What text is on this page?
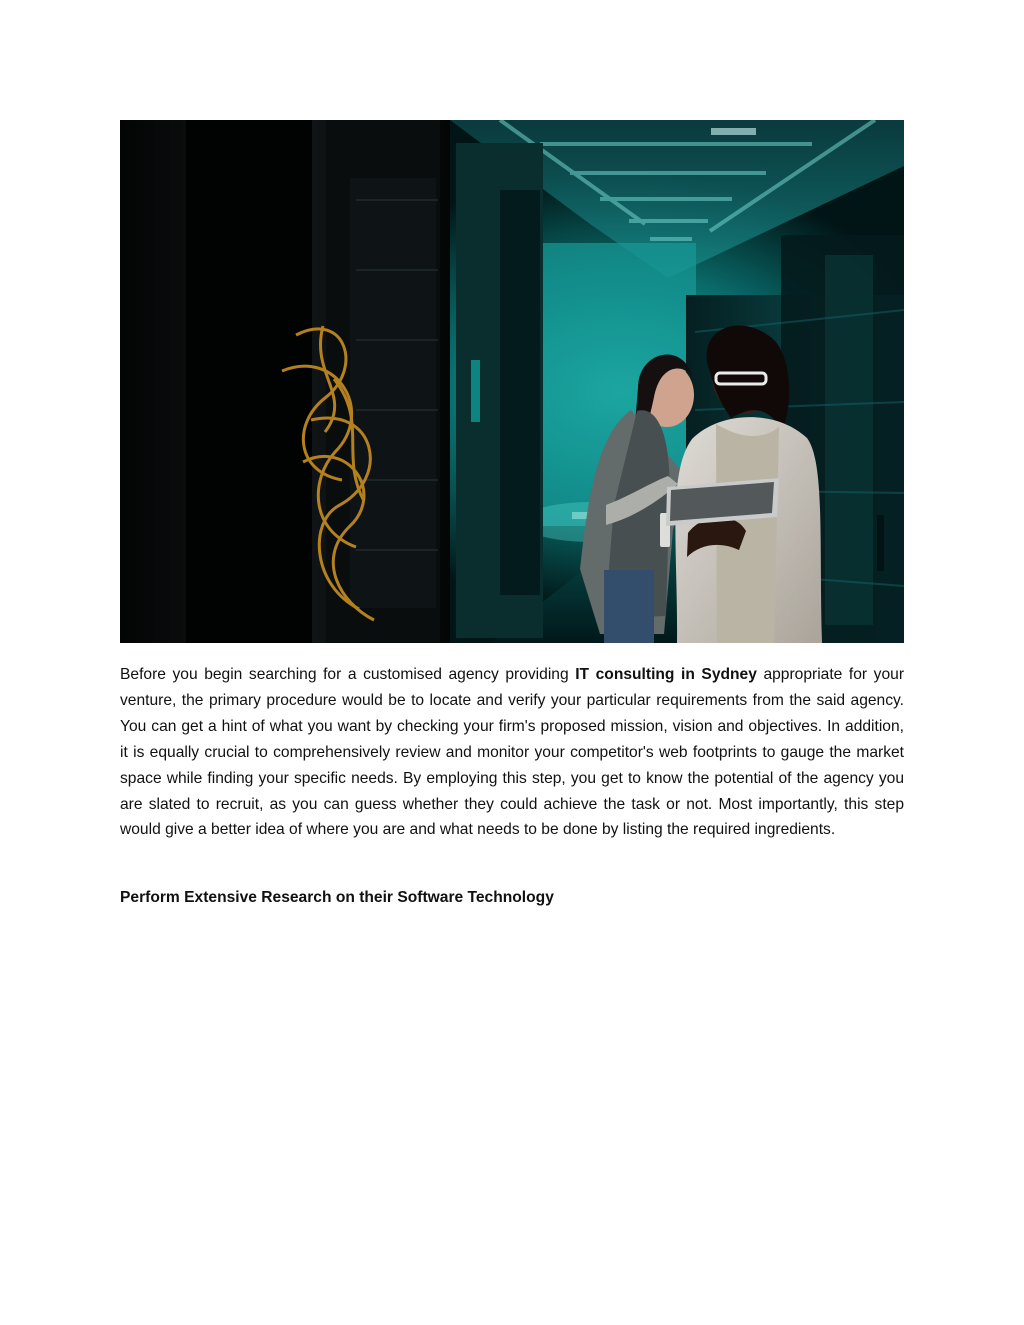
Before you begin searching for a customised agency providing IT consulting in Sydney appropriate for your venture, the primary procedure would be to locate and verify your particular requirements from the said agency. You can get a hint of what you want by checking your firm's proposed mission, vision and objectives. In addition, it is equally crucial to comprehensively review and monitor your competitor's web footprints to gauge the market space while finding your specific needs. By employing this step, you get to know the potential of the agency you are slated to recruit, as you can guess whether they could achieve the task or not. Most importantly, this step would give a better idea of where you are and what needs to be done by listing the required ingredients.

Perform Extensive Research on their Software Technology
